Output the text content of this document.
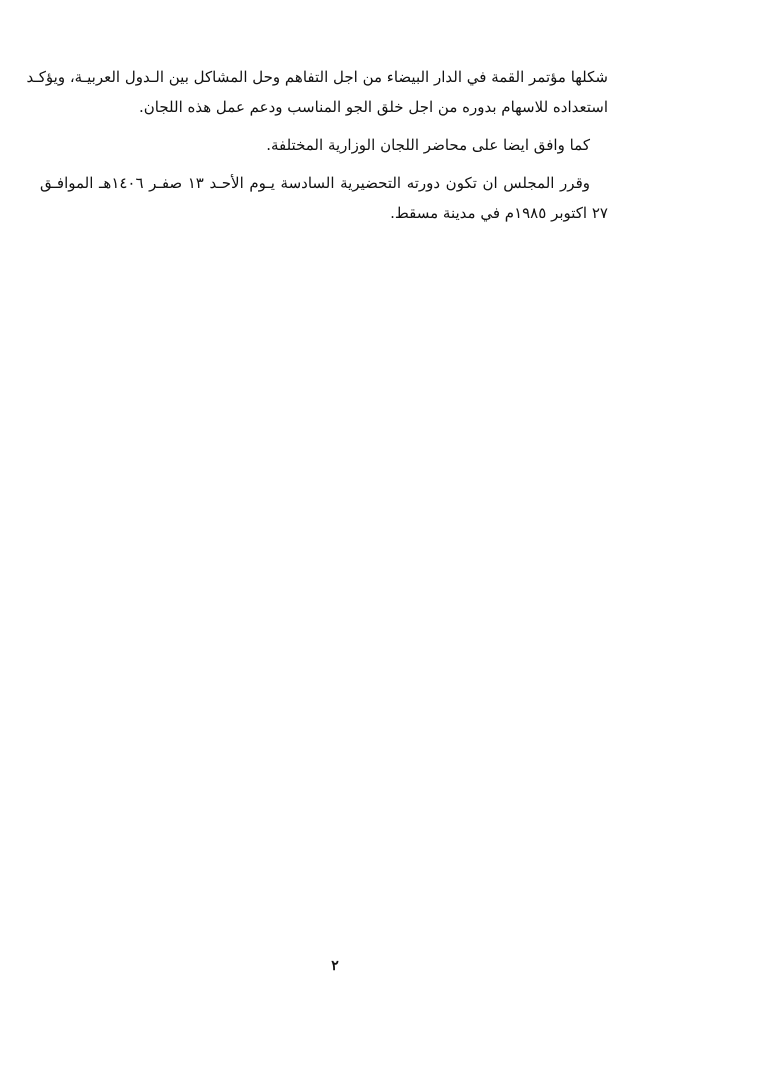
شكلها مؤتمر القمة في الدار البيضاء من اجل التفاهم وحل المشاكل بين الـدول العربيـة، ويؤكـد
استعداده للاسهام بدوره من اجل خلق الجو المناسب ودعم عمل هذه اللجان.

كما وافق ايضا على محاضر اللجان الوزارية المختلفة.

وقرر المجلس ان تكون دورته التحضيرية السادسة يـوم الأحـد ١٣ صفـر ١٤٠٦هـ الموافـق
٢٧ اكتوبر ١٩٨٥م في مدينة مسقط.

٢
